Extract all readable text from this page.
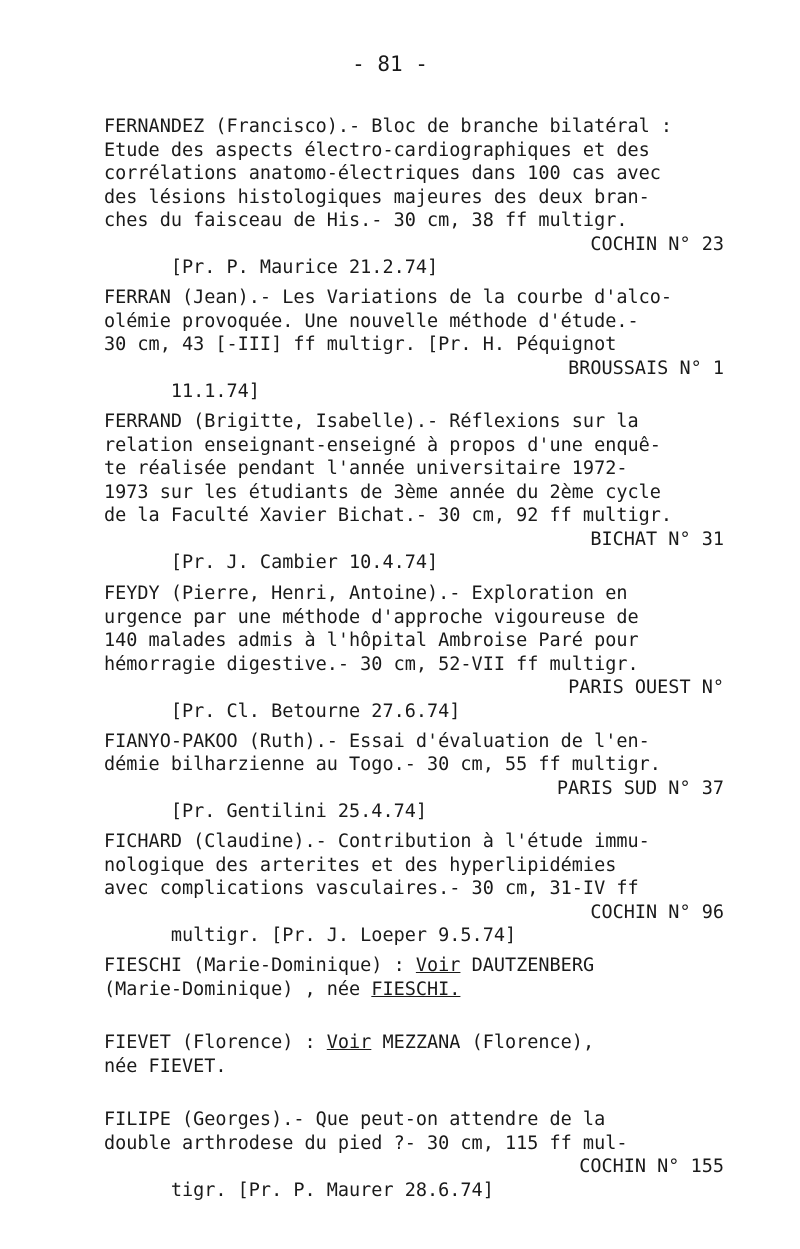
- 81 -
FERNANDEZ (Francisco).- Bloc de branche bilatéral :
Etude des aspects électro-cardiographiques et des
corrélations anatomo-électriques dans 100 cas avec
des lésions histologiques majeures des deux bran-
ches du faisceau de His.- 30 cm, 38 ff multigr.

[Pr. P. Maurice 21.2.74]

COCHIN N° 23

FERRAN (Jean).- Les Variations de la courbe d'alco-
olémie provoquée. Une nouvelle méthode d'étude.-
30 cm, 43 [-III] ff multigr. [Pr. H. Péquignot

11.1.74]

BROUSSAIS N° 1

FERRAND (Brigitte, Isabelle).- Réflexions sur la
relation enseignant-enseigné à propos d'une enquê-
te réalisée pendant l'année universitaire 1972-
1973 sur les étudiants de 3ème année du 2ème cycle
de la Faculté Xavier Bichat.- 30 cm, 92 ff multigr.

[Pr. J. Cambier 10.4.74]

BICHAT N° 31

FEYDY (Pierre, Henri, Antoine).- Exploration en
urgence par une méthode d'approche vigoureuse de
140 malades admis à l'hôpital Ambroise Paré pour
hémorragie digestive.- 30 cm, 52-VII ff multigr.

[Pr. Cl. Betourne 27.6.74]

PARIS OUEST N°

FIANYO-PAKOO (Ruth).- Essai d'évaluation de l'en-
démie bilharzienne au Togo.- 30 cm, 55 ff multigr.

[Pr. Gentilini 25.4.74]

PARIS SUD N° 37

FICHARD (Claudine).- Contribution à l'étude immu-
nologique des arterites et des hyperlipidémies
avec complications vasculaires.- 30 cm, 31-IV ff

multigr. [Pr. J. Loeper 9.5.74]

COCHIN N° 96

FIESCHI (Marie-Dominique) : Voir DAUTZENBERG
(Marie-Dominique) , née FIESCHI.
FIEVET (Florence) : Voir MEZZANA (Florence),
née FIEVET.
FILIPE (Georges).- Que peut-on attendre de la
double arthrodese du pied ?- 30 cm, 115 ff mul-

tigr. [Pr. P. Maurer 28.6.74]

COCHIN N° 155
